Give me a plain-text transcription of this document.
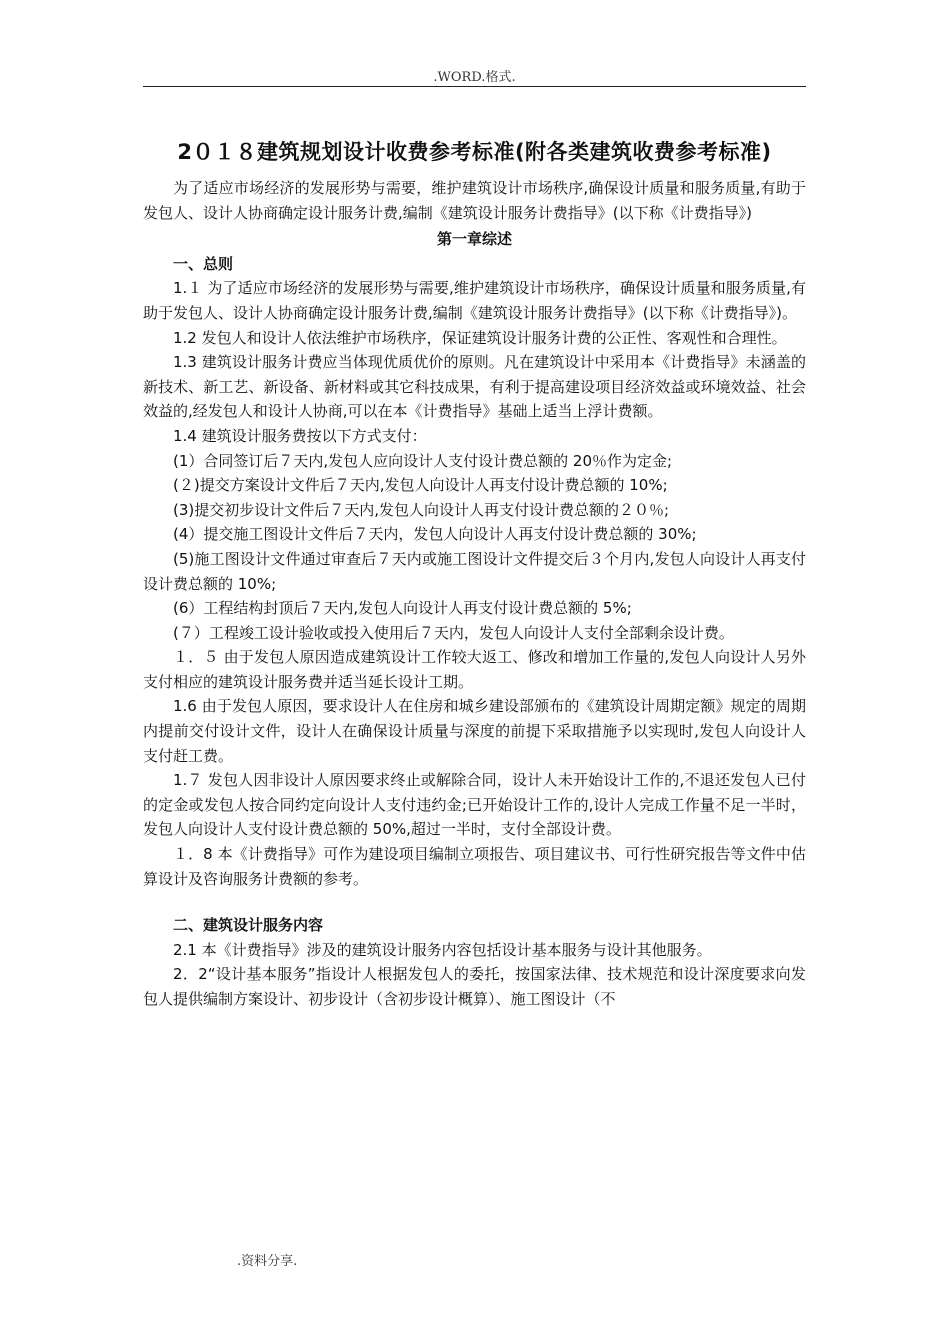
.WORD.格式.
2０１８建筑规划设计收费参考标准(附各类建筑收费参考标准)

为了适应市场经济的发展形势与需要，维护建筑设计市场秩序,确保设计质量和服务质量,有助于发包人、设计人协商确定设计服务计费,编制《建筑设计服务计费指导》(以下称《计费指导》)

第一章综述

一、总则

1.１ 为了适应市场经济的发展形势与需要,维护建筑设计市场秩序，确保设计质量和服务质量,有助于发包人、设计人协商确定设计服务计费,编制《建筑设计服务计费指导》(以下称《计费指导》)。

1.2 发包人和设计人依法维护市场秩序，保证建筑设计服务计费的公正性、客观性和合理性。

1.3 建筑设计服务计费应当体现优质优价的原则。凡在建筑设计中采用本《计费指导》未涵盖的新技术、新工艺、新设备、新材料或其它科技成果，有利于提高建设项目经济效益或环境效益、社会效益的,经发包人和设计人协商,可以在本《计费指导》基础上适当上浮计费额。

1.4 建筑设计服务费按以下方式支付：

(1）合同签订后７天内,发包人应向设计人支付设计费总额的 20％作为定金;

(２)提交方案设计文件后７天内,发包人向设计人再支付设计费总额的 10%;

(3)提交初步设计文件后７天内,发包人向设计人再支付设计费总额的２０％;

(4）提交施工图设计文件后７天内，发包人向设计人再支付设计费总额的 30%;

(5)施工图设计文件通过审查后７天内或施工图设计文件提交后３个月内,发包人向设计人再支付设计费总额的 10%;

(6）工程结构封顶后７天内,发包人向设计人再支付设计费总额的 5%;

(７）工程竣工设计验收或投入使用后７天内，发包人向设计人支付全部剩余设计费。

１．５ 由于发包人原因造成建筑设计工作较大返工、修改和增加工作量的,发包人向设计人另外支付相应的建筑设计服务费并适当延长设计工期。

1.6 由于发包人原因，要求设计人在住房和城乡建设部颁布的《建筑设计周期定额》规定的周期内提前交付设计文件，设计人在确保设计质量与深度的前提下采取措施予以实现时,发包人向设计人支付赶工费。

1.７ 发包人因非设计人原因要求终止或解除合同，设计人未开始设计工作的,不退还发包人已付的定金或发包人按合同约定向设计人支付违约金;已开始设计工作的,设计人完成工作量不足一半时，发包人向设计人支付设计费总额的 50%,超过一半时，支付全部设计费。

１．8 本《计费指导》可作为建设项目编制立项报告、项目建议书、可行性研究报告等文件中估算设计及咨询服务计费额的参考。

二、建筑设计服务内容

2.1 本《计费指导》涉及的建筑设计服务内容包括设计基本服务与设计其他服务。

2．2“设计基本服务”指设计人根据发包人的委托，按国家法律、技术规范和设计深度要求向发包人提供编制方案设计、初步设计（含初步设计概算）、施工图设计（不

.资料分享.
